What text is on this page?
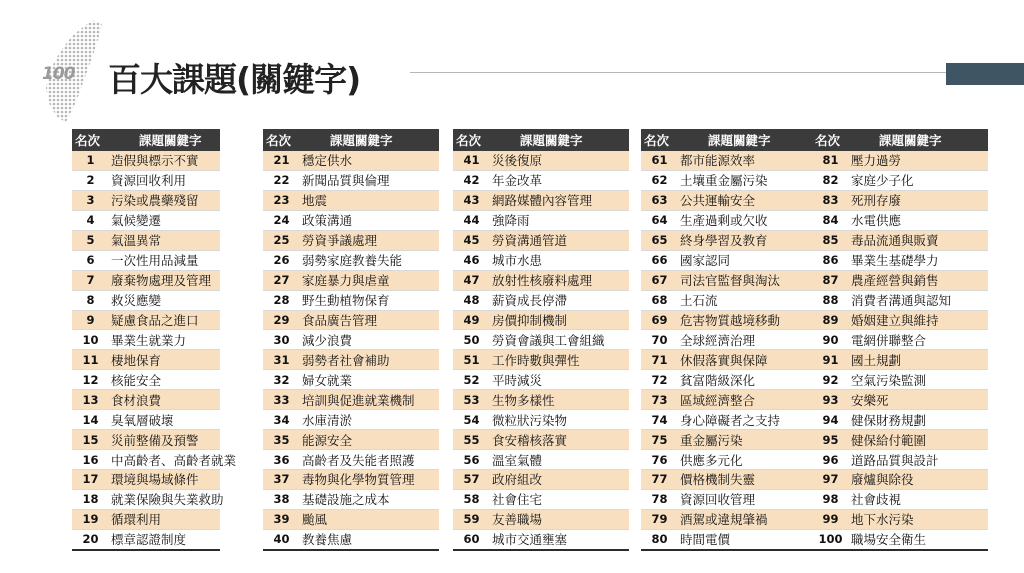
100 百大課題(關鍵字)
名次	課題關鍵字
1	造假與標示不實
2	資源回收利用
3	污染或農藥殘留
4	氣候變遷
5	氣溫異常
6	一次性用品減量
7	廢棄物處理及管理
8	救災應變
9	疑慮食品之進口
10	畢業生就業力
11	棲地保育
12	核能安全
13	食材浪費
14	臭氧層破壞
15	災前整備及預警
16	中高齡者、高齡者就業
17	環境與場域條件
18	就業保險與失業救助
19	循環利用
20	標章認證制度
名次	課題關鍵字
21	穩定供水
22	新聞品質與倫理
23	地震
24	政策溝通
25	勞資爭議處理
26	弱勢家庭教養失能
27	家庭暴力與虐童
28	野生動植物保育
29	食品廣告管理
30	減少浪費
31	弱勢者社會補助
32	婦女就業
33	培訓與促進就業機制
34	水庫清淤
35	能源安全
36	高齡者及失能者照護
37	毒物與化學物質管理
38	基礎設施之成本
39	颱風
40	教養焦慮
名次	課題關鍵字
41	災後復原
42	年金改革
43	網路媒體內容管理
44	強降雨
45	勞資溝通管道
46	城市水患
47	放射性核廢料處理
48	薪資成長停滯
49	房價抑制機制
50	勞資會議與工會組織
51	工作時數與彈性
52	平時減災
53	生物多樣性
54	微粒狀污染物
55	食安稽核落實
56	溫室氣體
57	政府組改
58	社會住宅
59	友善職場
60	城市交通壅塞
名次	課題關鍵字
61	都市能源效率
62	土壤重金屬污染
63	公共運輸安全
64	生產過剩或欠收
65	終身學習及教育
66	國家認同
67	司法官監督與淘汰
68	土石流
69	危害物質越境移動
70	全球經濟治理
71	休假落實與保障
72	貧富階級深化
73	區域經濟整合
74	身心障礙者之支持
75	重金屬污染
76	供應多元化
77	價格機制失靈
78	資源回收管理
79	酒駕或違規肇禍
80	時間電價
名次	課題關鍵字
81	壓力過勞
82	家庭少子化
83	死刑存廢
84	水電供應
85	毒品流通與販賣
86	畢業生基礎學力
87	農產經營與銷售
88	消費者溝通與認知
89	婚姻建立與維持
90	電網併聯整合
91	國土規劃
92	空氣污染監測
93	安樂死
94	健保財務規劃
95	健保給付範圍
96	道路品質與設計
97	廢爐與除役
98	社會歧視
99	地下水污染
100	職場安全衛生
